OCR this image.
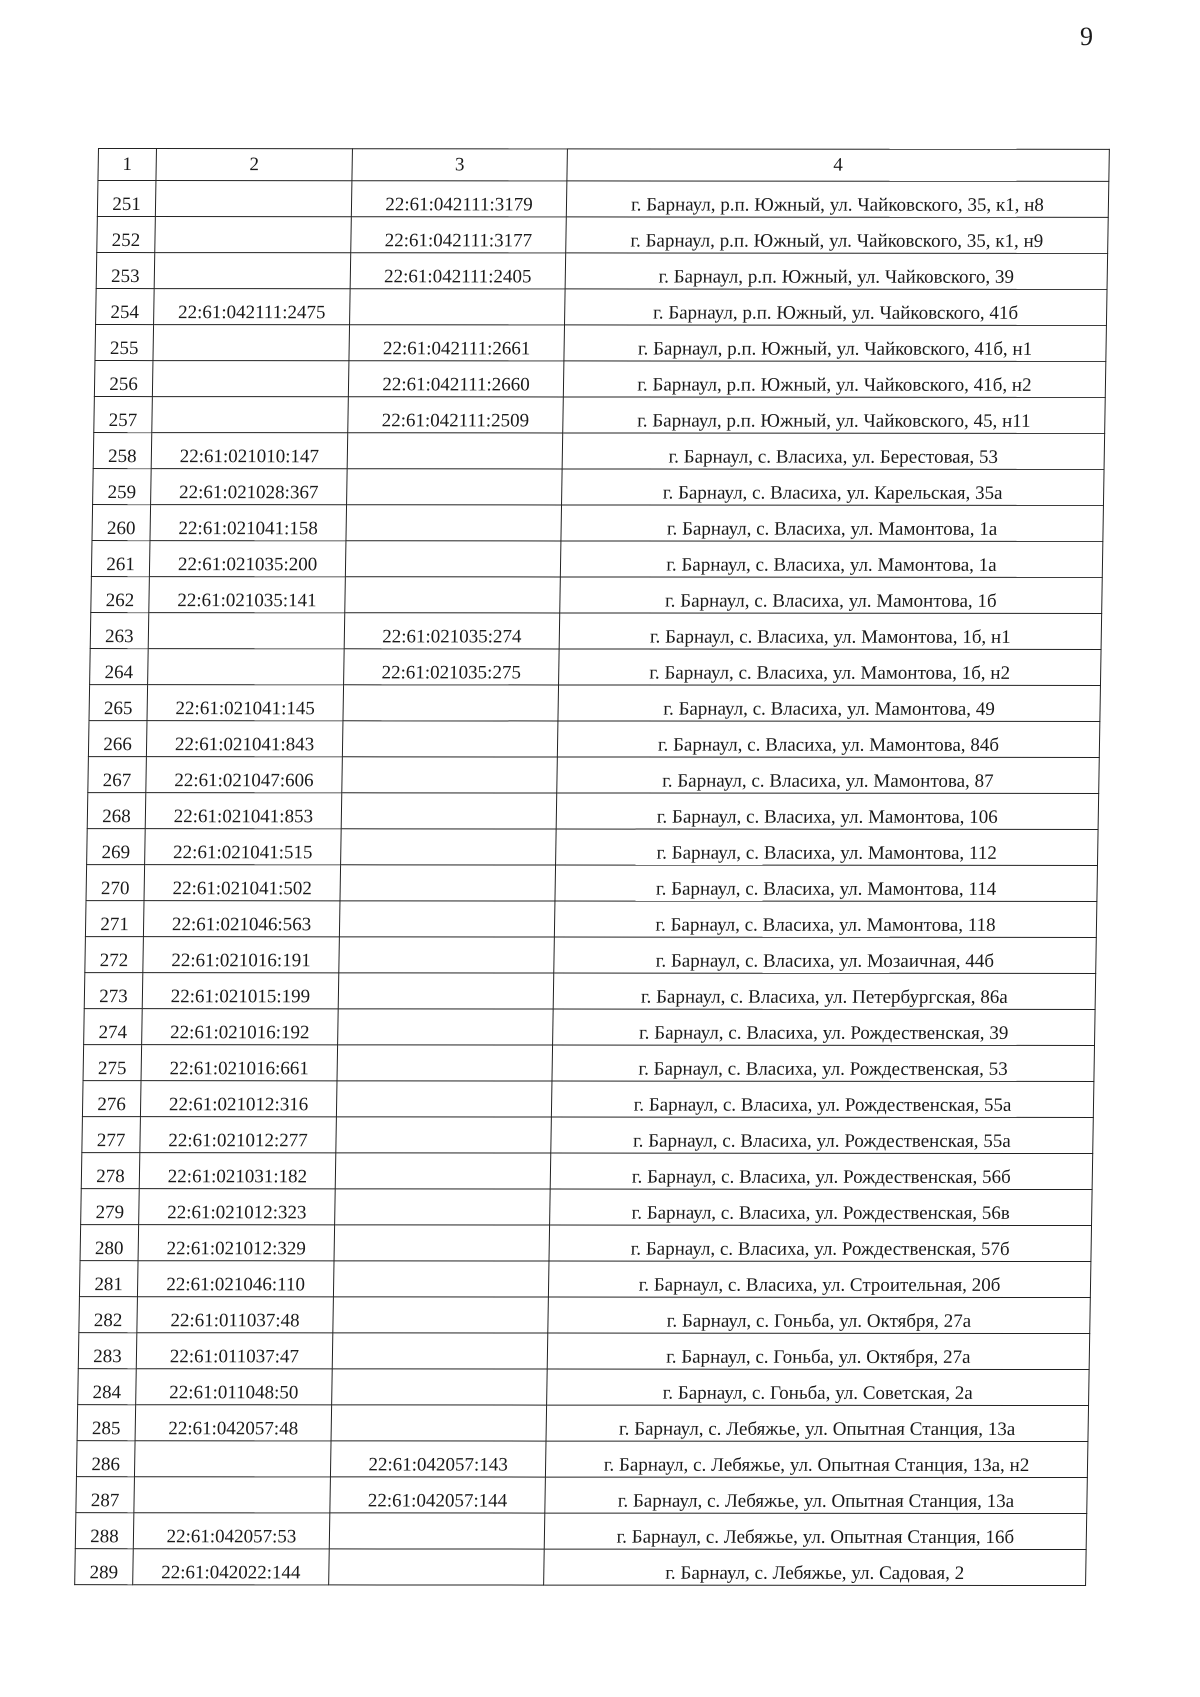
9
1	2	3	4
251		22:61:042111:3179	г. Барнаул, р.п. Южный, ул. Чайковского, 35, к1, н8
252		22:61:042111:3177	г. Барнаул, р.п. Южный, ул. Чайковского, 35, к1, н9
253		22:61:042111:2405	г. Барнаул, р.п. Южный, ул. Чайковского, 39
254	22:61:042111:2475		г. Барнаул, р.п. Южный, ул. Чайковского, 41б
255		22:61:042111:2661	г. Барнаул, р.п. Южный, ул. Чайковского, 41б, н1
256		22:61:042111:2660	г. Барнаул, р.п. Южный, ул. Чайковского, 41б, н2
257		22:61:042111:2509	г. Барнаул, р.п. Южный, ул. Чайковского, 45, н11
258	22:61:021010:147		г. Барнаул, с. Власиха, ул. Берестовая, 53
259	22:61:021028:367		г. Барнаул, с. Власиха, ул. Карельская, 35а
260	22:61:021041:158		г. Барнаул, с. Власиха, ул. Мамонтова, 1а
261	22:61:021035:200		г. Барнаул, с. Власиха, ул. Мамонтова, 1а
262	22:61:021035:141		г. Барнаул, с. Власиха, ул. Мамонтова, 1б
263		22:61:021035:274	г. Барнаул, с. Власиха, ул. Мамонтова, 1б, н1
264		22:61:021035:275	г. Барнаул, с. Власиха, ул. Мамонтова, 1б, н2
265	22:61:021041:145		г. Барнаул, с. Власиха, ул. Мамонтова, 49
266	22:61:021041:843		г. Барнаул, с. Власиха, ул. Мамонтова, 84б
267	22:61:021047:606		г. Барнаул, с. Власиха, ул. Мамонтова, 87
268	22:61:021041:853		г. Барнаул, с. Власиха, ул. Мамонтова, 106
269	22:61:021041:515		г. Барнаул, с. Власиха, ул. Мамонтова, 112
270	22:61:021041:502		г. Барнаул, с. Власиха, ул. Мамонтова, 114
271	22:61:021046:563		г. Барнаул, с. Власиха, ул. Мамонтова, 118
272	22:61:021016:191		г. Барнаул, с. Власиха, ул. Мозаичная, 44б
273	22:61:021015:199		г. Барнаул, с. Власиха, ул. Петербургская, 86а
274	22:61:021016:192		г. Барнаул, с. Власиха, ул. Рождественская, 39
275	22:61:021016:661		г. Барнаул, с. Власиха, ул. Рождественская, 53
276	22:61:021012:316		г. Барнаул, с. Власиха, ул. Рождественская, 55а
277	22:61:021012:277		г. Барнаул, с. Власиха, ул. Рождественская, 55а
278	22:61:021031:182		г. Барнаул, с. Власиха, ул. Рождественская, 56б
279	22:61:021012:323		г. Барнаул, с. Власиха, ул. Рождественская, 56в
280	22:61:021012:329		г. Барнаул, с. Власиха, ул. Рождественская, 57б
281	22:61:021046:110		г. Барнаул, с. Власиха, ул. Строительная, 20б
282	22:61:011037:48		г. Барнаул, с. Гоньба, ул. Октября, 27а
283	22:61:011037:47		г. Барнаул, с. Гоньба, ул. Октября, 27а
284	22:61:011048:50		г. Барнаул, с. Гоньба, ул. Советская, 2а
285	22:61:042057:48		г. Барнаул, с. Лебяжье, ул. Опытная Станция, 13а
286		22:61:042057:143	г. Барнаул, с. Лебяжье, ул. Опытная Станция, 13а, н2
287		22:61:042057:144	г. Барнаул, с. Лебяжье, ул. Опытная Станция, 13а
288	22:61:042057:53		г. Барнаул, с. Лебяжье, ул. Опытная Станция, 16б
289	22:61:042022:144		г. Барнаул, с. Лебяжье, ул. Садовая, 2
